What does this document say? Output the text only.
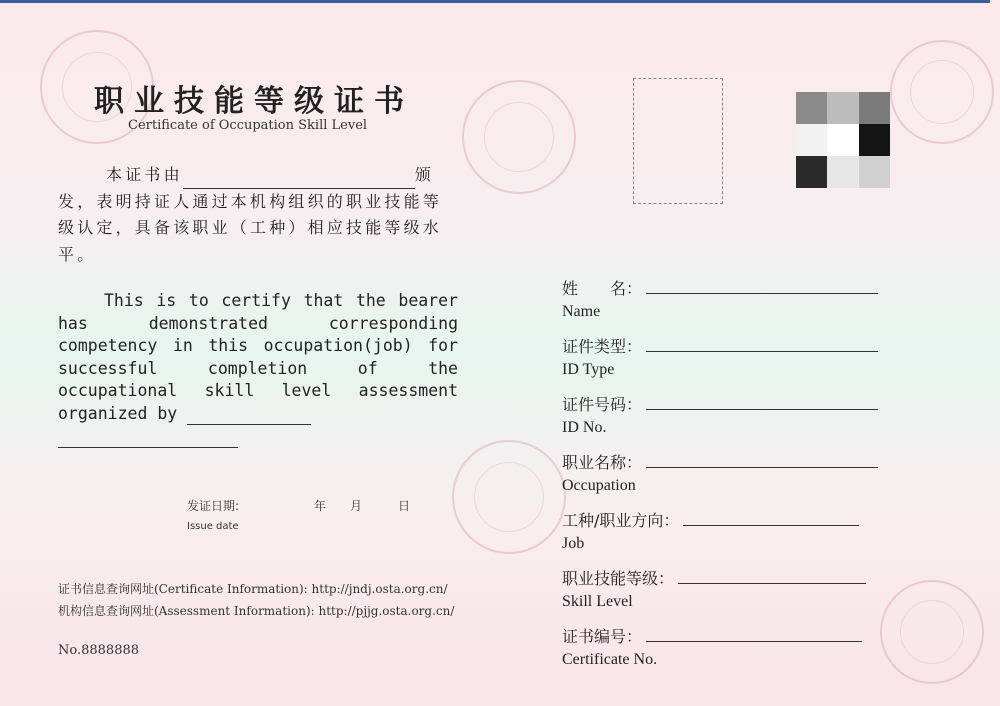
职业技能等级证书
Certificate of Occupation Skill Level
本证书由	颁发，表明持证人通过本机构组织的职业技能等级认定，具备该职业（工种）相应技能等级水平。
This is to certify that the bearer has demonstrated corresponding competency in this occupation(job) for successful completion of the occupational skill level assessment organized by

发证日期:	年 月	日
Issue date
证书信息查询网址(Certificate Information): http://jndj.osta.org.cn/
机构信息查询网址(Assessment Information): http://pjjg.osta.org.cn/
No.8888888
姓　　名：
Name
证件类型：
ID Type
证件号码：
ID No.
职业名称：
Occupation
工种/职业方向：
Job
职业技能等级：
Skill Level
证书编号：
Certificate No.
